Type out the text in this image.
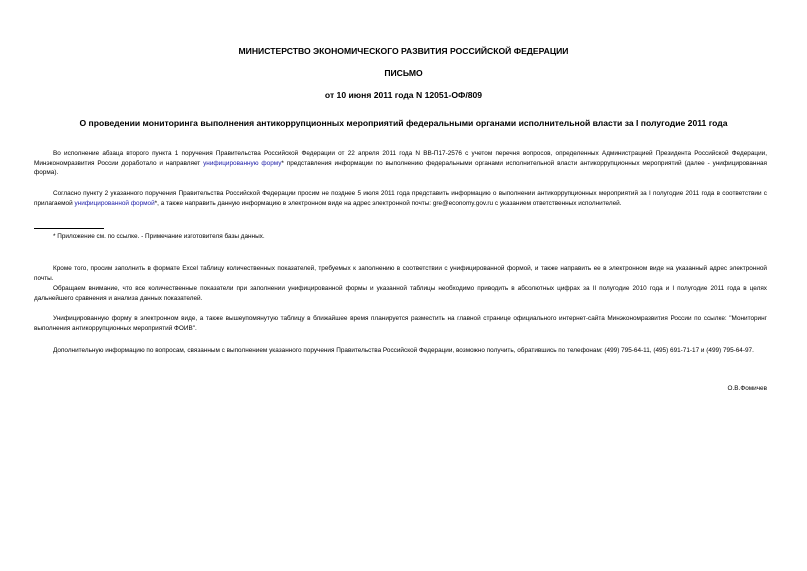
МИНИСТЕРСТВО ЭКОНОМИЧЕСКОГО РАЗВИТИЯ РОССИЙСКОЙ ФЕДЕРАЦИИ
ПИСЬМО
от 10 июня 2011 года N 12051-ОФ/809
О проведении мониторинга выполнения антикоррупционных мероприятий федеральными органами исполнительной власти за I полугодие 2011 года
Во исполнение абзаца второго пункта 1 поручения Правительства Российской Федерации от 22 апреля 2011 года N ВВ-П17-2576 с учетом перечня вопросов, определенных Администрацией Президента Российской Федерации, Минэкономразвития России доработало и направляет унифицированную форму* представления информации по выполнению федеральными органами исполнительной власти антикоррупционных мероприятий (далее - унифицированная форма).
Согласно пункту 2 указанного поручения Правительства Российской Федерации просим не позднее 5 июля 2011 года представить информацию о выполнении антикоррупционных мероприятий за I полугодие 2011 года в соответствии с прилагаемой унифицированной формой*, а также направить данную информацию в электронном виде на адрес электронной почты: gre@economy.gov.ru с указанием ответственных исполнителей.
* Приложение см. по ссылке. - Примечание изготовителя базы данных.
Кроме того, просим заполнить в формате Excel таблицу количественных показателей, требуемых к заполнению в соответствии с унифицированной формой, и также направить ее в электронном виде на указанный адрес электронной почты.
Обращаем внимание, что все количественные показатели при заполнении унифицированной формы и указанной таблицы необходимо приводить в абсолютных цифрах за II полугодие 2010 года и I полугодие 2011 года в целях дальнейшего сравнения и анализа данных показателей.
Унифицированную форму в электронном виде, а также вышеупомянутую таблицу в ближайшее время планируется разместить на главной странице официального интернет-сайта Минэкономразвития России по ссылке: "Мониторинг выполнения антикоррупционных мероприятий ФОИВ".
Дополнительную информацию по вопросам, связанным с выполнением указанного поручения Правительства Российской Федерации, возможно получить, обратившись по телефонам: (499) 795-64-11, (495) 691-71-17 и (499) 795-64-97.
О.В.Фомичев
